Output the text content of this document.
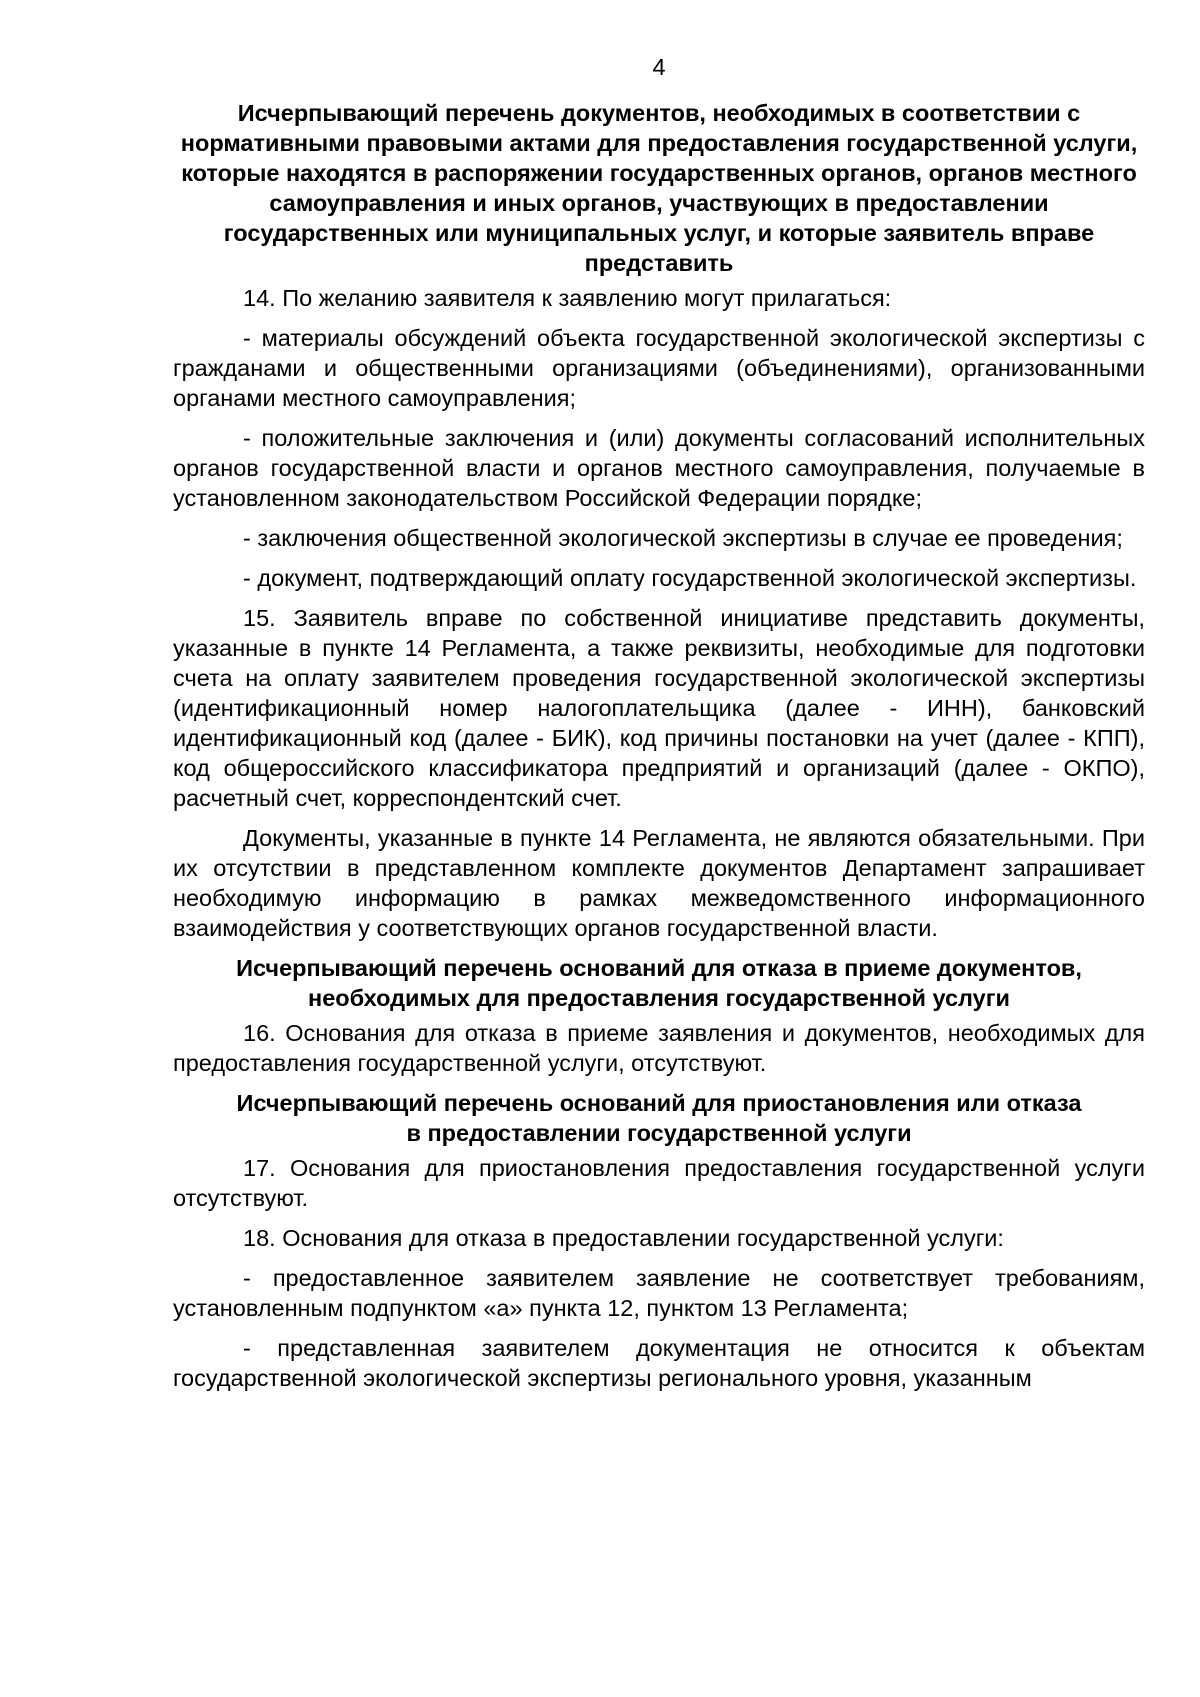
4
Исчерпывающий перечень документов, необходимых в соответствии с нормативными правовыми актами для предоставления государственной услуги, которые находятся в распоряжении государственных органов, органов местного самоуправления и иных органов, участвующих в предоставлении государственных или муниципальных услуг, и которые заявитель вправе представить
14. По желанию заявителя к заявлению могут прилагаться:
- материалы обсуждений объекта государственной экологической экспертизы с гражданами и общественными организациями (объединениями), организованными органами местного самоуправления;
- положительные заключения и (или) документы согласований исполнительных органов государственной власти и органов местного самоуправления, получаемые в установленном законодательством Российской Федерации порядке;
- заключения общественной экологической экспертизы в случае ее проведения;
- документ, подтверждающий оплату государственной экологической экспертизы.
15. Заявитель вправе по собственной инициативе представить документы, указанные в пункте 14 Регламента, а также реквизиты, необходимые для подготовки счета на оплату заявителем проведения государственной экологической экспертизы (идентификационный номер налогоплательщика (далее - ИНН), банковский идентификационный код (далее - БИК), код причины постановки на учет (далее - КПП), код общероссийского классификатора предприятий и организаций (далее - ОКПО), расчетный счет, корреспондентский счет.
Документы, указанные в пункте 14 Регламента, не являются обязательными. При их отсутствии в представленном комплекте документов Департамент запрашивает необходимую информацию в рамках межведомственного информационного взаимодействия у соответствующих органов государственной власти.
Исчерпывающий перечень оснований для отказа в приеме документов, необходимых для предоставления государственной услуги
16. Основания для отказа в приеме заявления и документов, необходимых для предоставления государственной услуги, отсутствуют.
Исчерпывающий перечень оснований для приостановления или отказа в предоставлении государственной услуги
17. Основания для приостановления предоставления государственной услуги отсутствуют.
18. Основания для отказа в предоставлении государственной услуги:
- предоставленное заявителем заявление не соответствует требованиям, установленным подпунктом «а» пункта 12, пунктом 13 Регламента;
- представленная заявителем документация не относится к объектам государственной экологической экспертизы регионального уровня, указанным
